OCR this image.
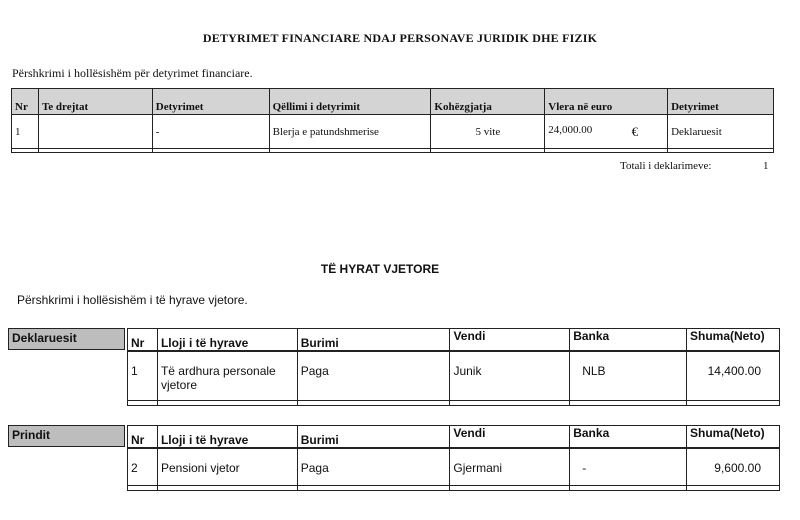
DETYRIMET FINANCIARE NDAJ PERSONAVE JURIDIK DHE FIZIK
Përshkrimi i hollësishëm për detyrimet financiare.
Nr	Te drejtat	Detyrimet	Qëllimi i detyrimit	Kohëzgjatja	Vlera në euro	Detyrimet
1		-	Blerja e patundshmerise	5 vite	24,000.00 €	Deklaruesit

Totali i deklarimeve:	1
TË HYRAT VJETORE
Përshkrimi i hollësishëm i të hyrave vjetore.
Deklaruesit	Nr	Lloji i të hyrave	Burimi	Vendi	Banka	Shuma(Neto)
1	Të ardhura personale vjetore	Paga	Junik	NLB	14,400.00

Prindit	Nr	Lloji i të hyrave	Burimi	Vendi	Banka	Shuma(Neto)
2	Pensioni vjetor	Paga	Gjermani	-	9,600.00
